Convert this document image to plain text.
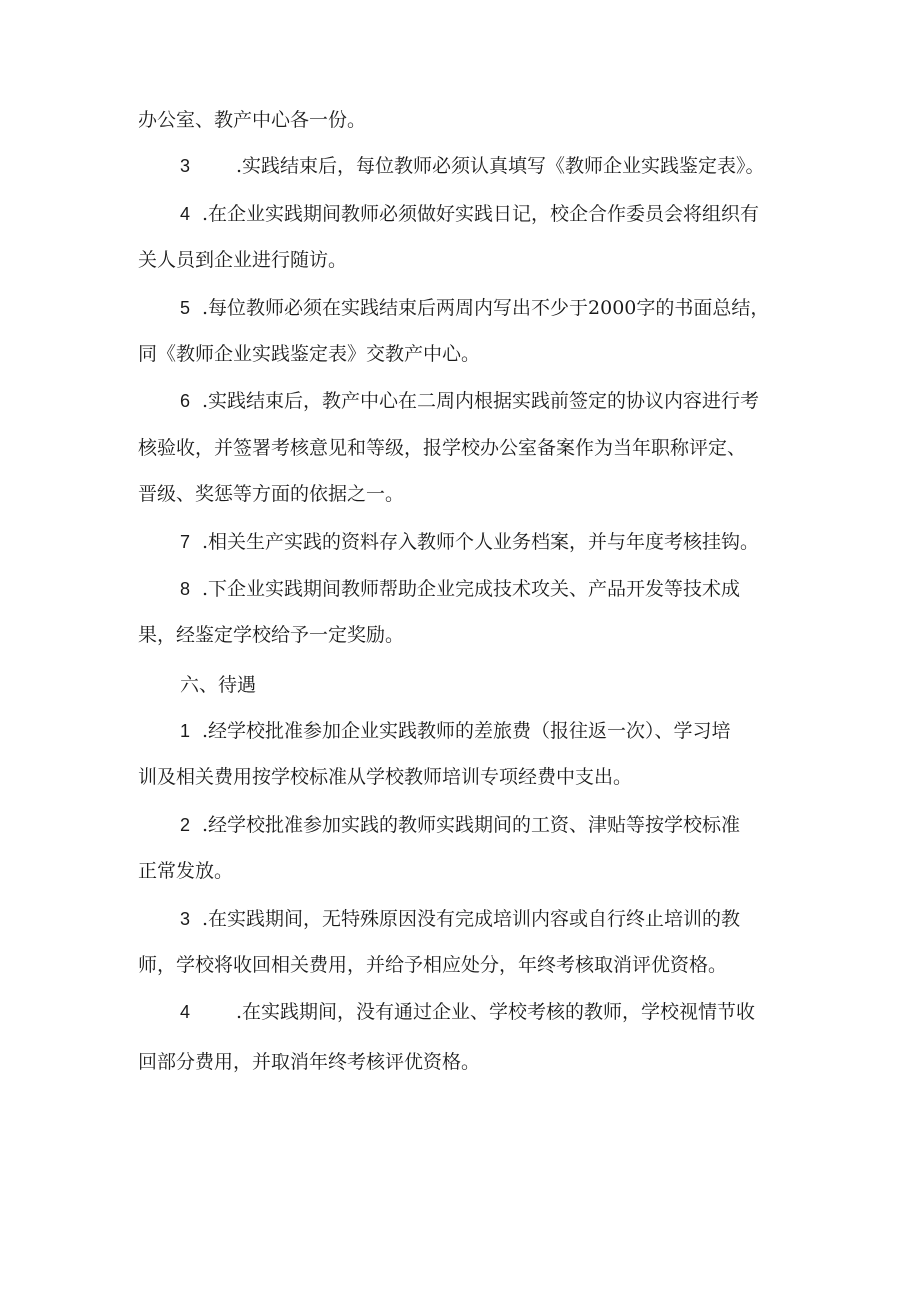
办公室、教产中心各一份。
3 .实践结束后，每位教师必须认真填写《教师企业实践鉴定表》。
4 .在企业实践期间教师必须做好实践日记，校企合作委员会将组织有
关人员到企业进行随访。
5 .每位教师必须在实践结束后两周内写出不少于2000字的书面总结，
同《教师企业实践鉴定表》交教产中心。
6 .实践结束后，教产中心在二周内根据实践前签定的协议内容进行考
核验收，并签署考核意见和等级，报学校办公室备案作为当年职称评定、
晋级、奖惩等方面的依据之一。
7 .相关生产实践的资料存入教师个人业务档案，并与年度考核挂钩。
8 .下企业实践期间教师帮助企业完成技术攻关、产品开发等技术成
果，经鉴定学校给予一定奖励。
六、待遇
1 .经学校批准参加企业实践教师的差旅费（报往返一次）、学习培
训及相关费用按学校标准从学校教师培训专项经费中支出。
2 .经学校批准参加实践的教师实践期间的工资、津贴等按学校标准
正常发放。
3 .在实践期间，无特殊原因没有完成培训内容或自行终止培训的教
师，学校将收回相关费用，并给予相应处分，年终考核取消评优资格。
4 .在实践期间，没有通过企业、学校考核的教师，学校视情节收
回部分费用，并取消年终考核评优资格。
